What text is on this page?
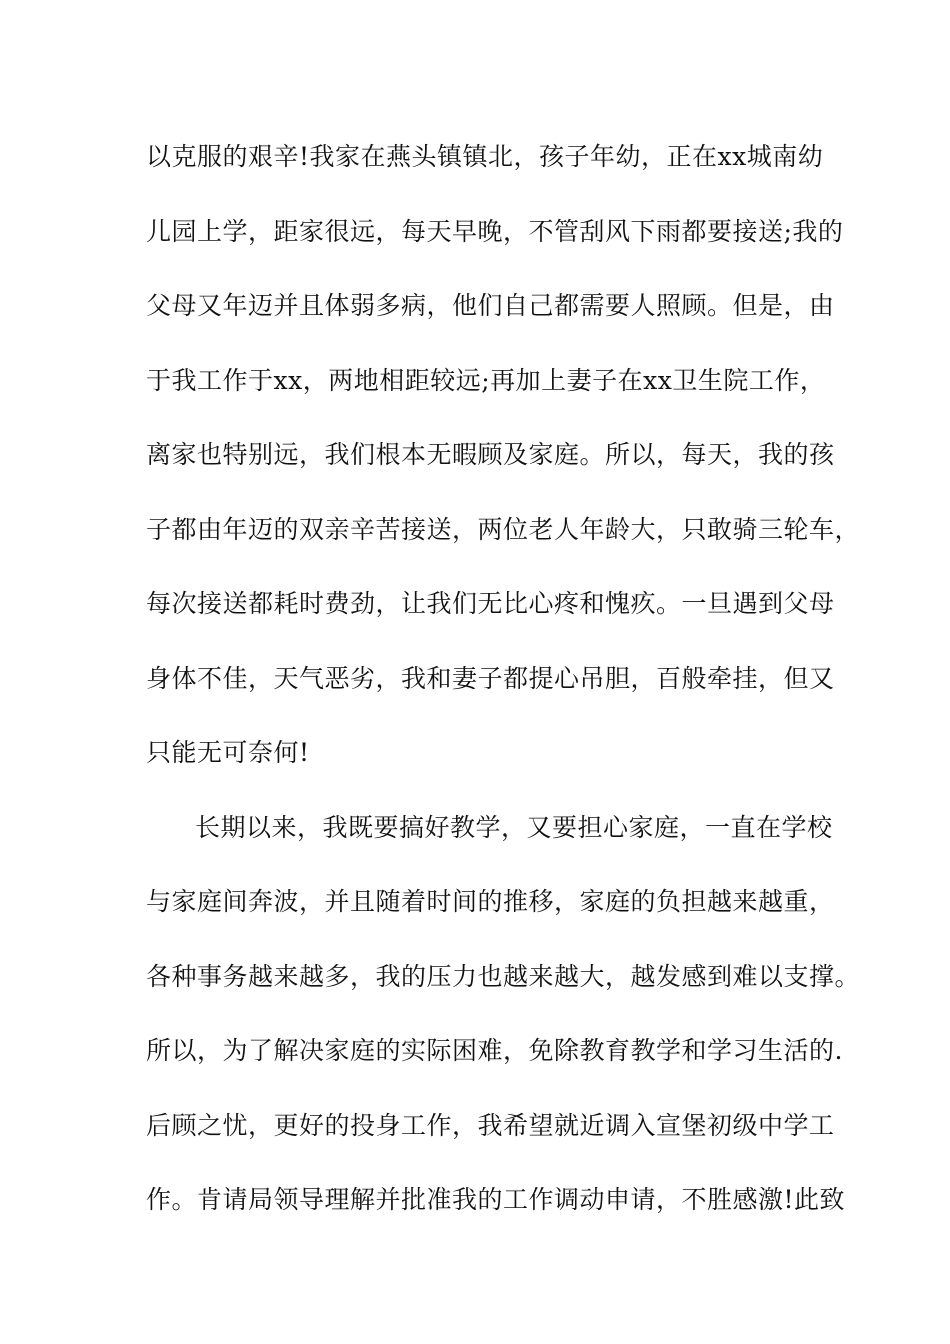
以克服的艰辛!我家在燕头镇镇北，孩子年幼，正在xx城南幼
儿园上学，距家很远，每天早晚，不管刮风下雨都要接送;我的
父母又年迈并且体弱多病，他们自己都需要人照顾。但是，由
于我工作于xx，两地相距较远;再加上妻子在xx卫生院工作，
离家也特别远，我们根本无暇顾及家庭。所以，每天，我的孩
子都由年迈的双亲辛苦接送，两位老人年龄大，只敢骑三轮车，
每次接送都耗时费劲，让我们无比心疼和愧疚。一旦遇到父母
身体不佳，天气恶劣，我和妻子都提心吊胆，百般牵挂，但又
只能无可奈何!
长期以来，我既要搞好教学，又要担心家庭，一直在学校
与家庭间奔波，并且随着时间的推移，家庭的负担越来越重，
各种事务越来越多，我的压力也越来越大，越发感到难以支撑。
所以，为了解决家庭的实际困难，免除教育教学和学习生活的.
后顾之忧，更好的投身工作，我希望就近调入宣堡初级中学工
作。肯请局领导理解并批准我的工作调动申请，不胜感激!此致
